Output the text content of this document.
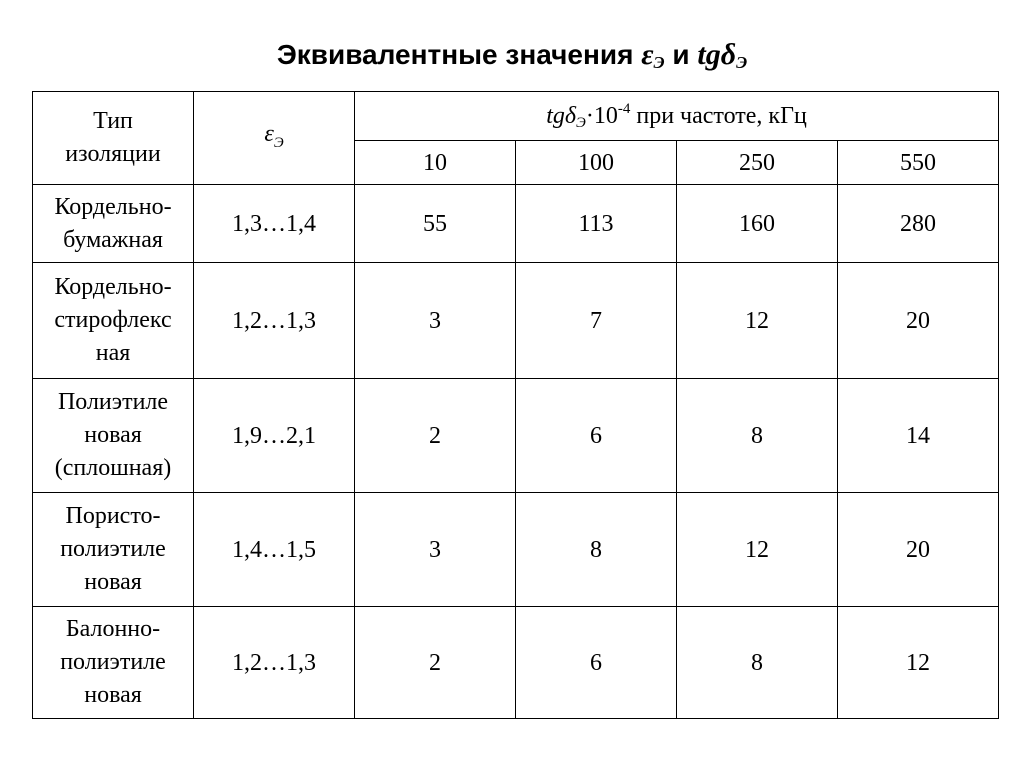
Эквивалентные значения $\varepsilon_Э$ и tgδ$_Э$
Тип изоляции	$\varepsilon_Э$	$tg\delta_Э\cdot 10^{-4}$ при частоте, кГц			
		10	100	250	550
Кордельно-
бумажная	1,3…1,4	55	113	160	280
Кордельно-
стирофлекс
ная	1,2…1,3	3	7	12	20
Полиэтиле
новая
(сплошная)	1,9…2,1	2	6	8	14
Пористо-
полиэтиле
новая	1,4…1,5	3	8	12	20
Балонно-
полиэтиле
новая	1,2…1,3	2	6	8	12
